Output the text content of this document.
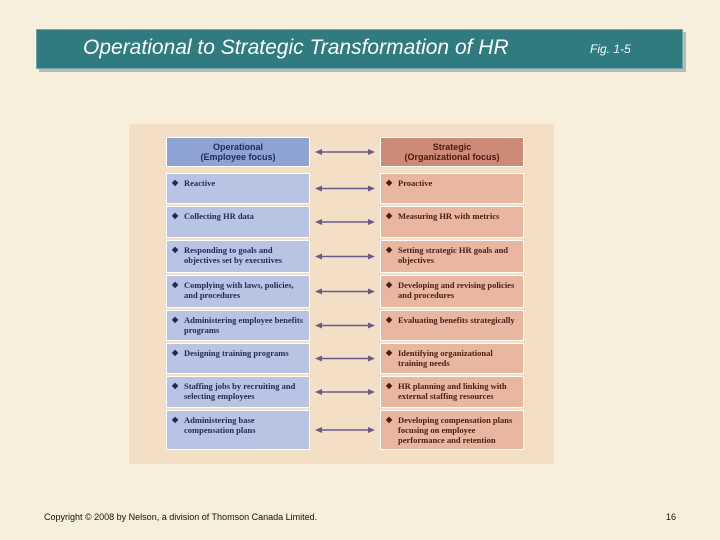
Operational to Strategic Transformation of HR	Fig. 1-5
Operational
(Employee focus)
◆ Reactive
◆ Collecting HR data
◆ Responding to goals and objectives set by executives
◆ Complying with laws, policies, and procedures
◆ Administering employee benefits programs
◆ Designing training programs
◆ Staffing jobs by recruiting and selecting employees
◆ Administering base compensation plans
Strategic
(Organizational focus)
◆ Proactive
◆ Measuring HR with metrics
◆ Setting strategic HR goals and objectives
◆ Developing and revising policies and procedures
◆ Evaluating benefits strategically
◆ Identifying organizational training needs
◆ HR planning and linking with external staffing resources
◆ Developing compensation plans focusing on employee performance and retention
Copyright © 2008 by Nelson, a division of Thomson Canada Limited.	16
